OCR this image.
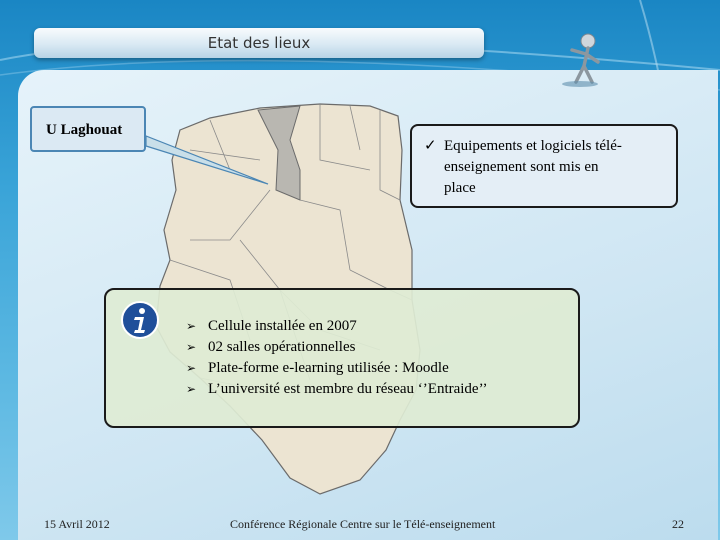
Etat des lieux
U Laghouat
✓ Equipements et logiciels télé-
enseignement sont mis en
place
➢ Cellule installée en 2007
➢ 02 salles opérationnelles
➢ Plate-forme e-learning utilisée : Moodle
➢ L’université est membre du réseau ‘’Entraide’’
15 Avril 2012	Conférence Régionale Centre sur le Télé-enseignement	22
